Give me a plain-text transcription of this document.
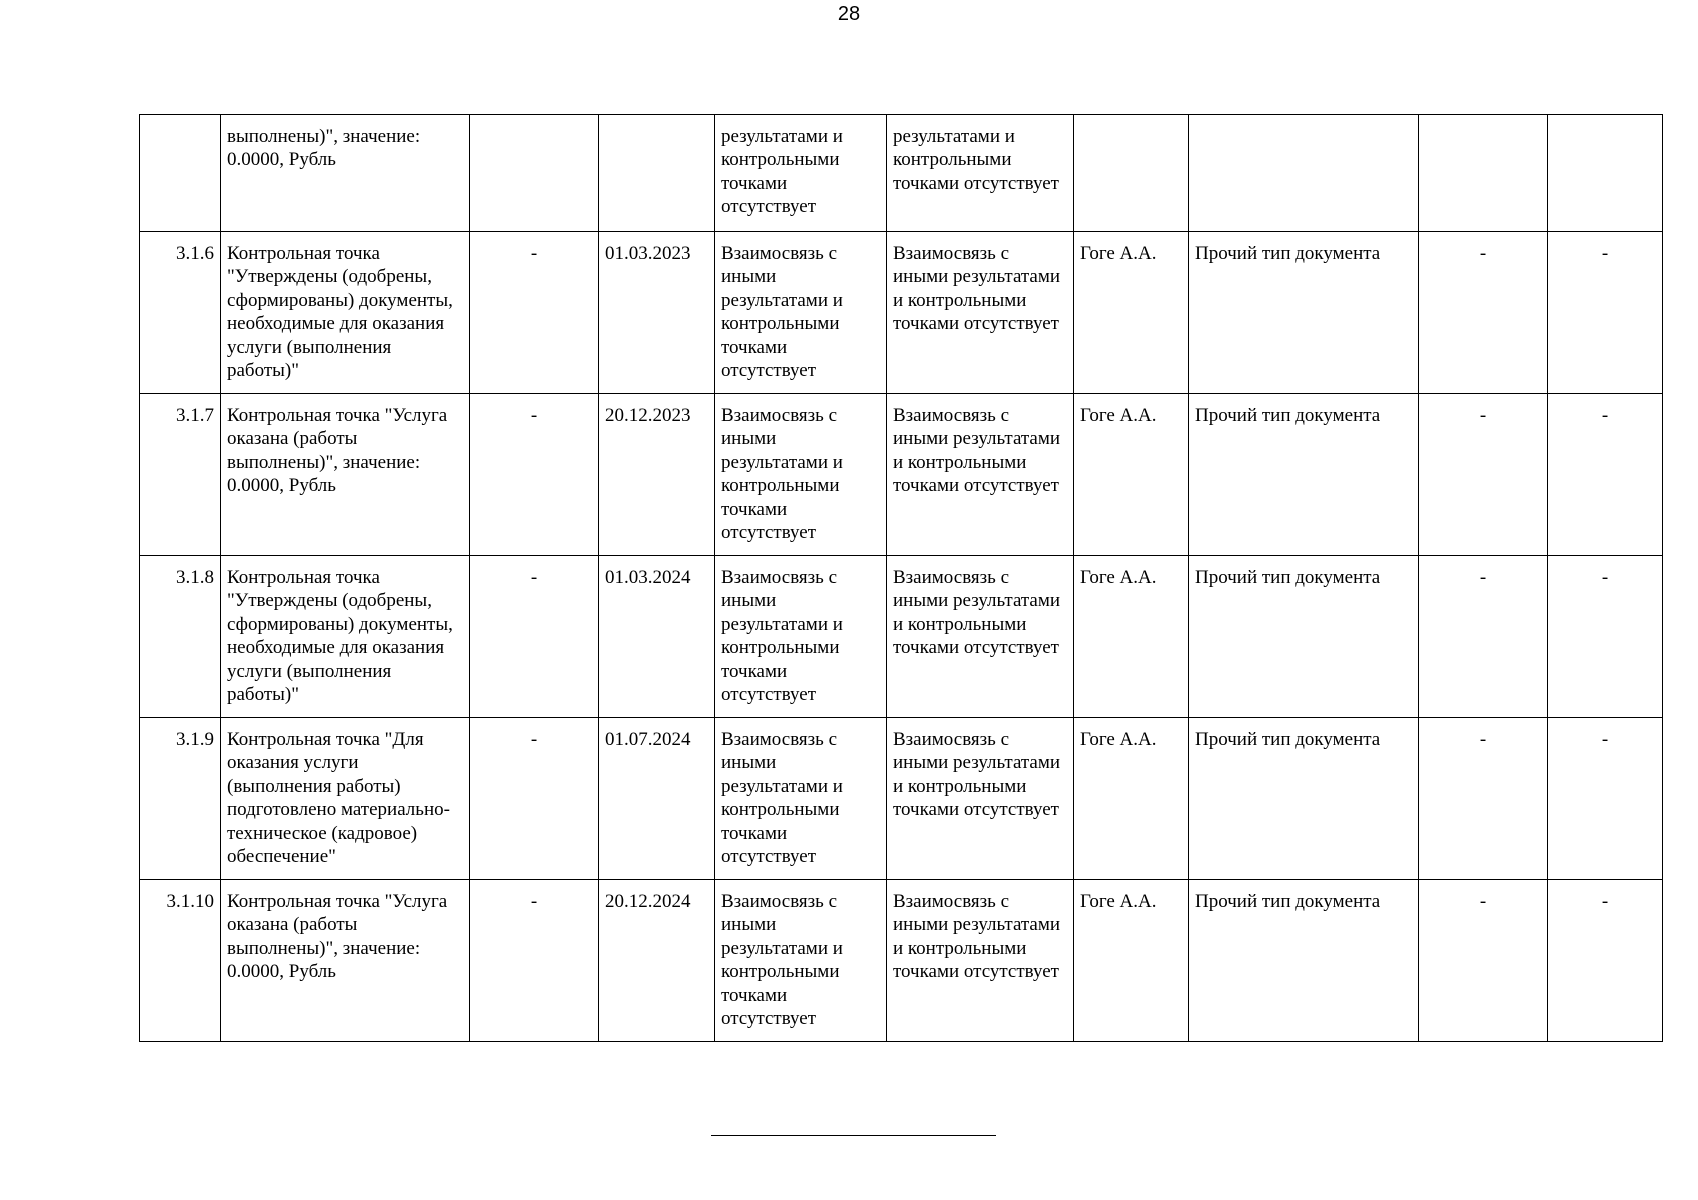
28
	выполнены)", значение: 0.0000, Рубль			результатами и контрольными точками отсутствует	результатами и контрольными точками отсутствует				
3.1.6	Контрольная точка "Утверждены (одобрены, сформированы) документы, необходимые для оказания услуги (выполнения работы)"	-	01.03.2023	Взаимосвязь с иными результатами и контрольными точками отсутствует	Взаимосвязь с иными результатами и контрольными точками отсутствует	Гоге А.А.	Прочий тип документа	-	-
3.1.7	Контрольная точка "Услуга оказана (работы выполнены)", значение: 0.0000, Рубль	-	20.12.2023	Взаимосвязь с иными результатами и контрольными точками отсутствует	Взаимосвязь с иными результатами и контрольными точками отсутствует	Гоге А.А.	Прочий тип документа	-	-
3.1.8	Контрольная точка "Утверждены (одобрены, сформированы) документы, необходимые для оказания услуги (выполнения работы)"	-	01.03.2024	Взаимосвязь с иными результатами и контрольными точками отсутствует	Взаимосвязь с иными результатами и контрольными точками отсутствует	Гоге А.А.	Прочий тип документа	-	-
3.1.9	Контрольная точка "Для оказания услуги (выполнения работы) подготовлено материально-техническое (кадровое) обеспечение"	-	01.07.2024	Взаимосвязь с иными результатами и контрольными точками отсутствует	Взаимосвязь с иными результатами и контрольными точками отсутствует	Гоге А.А.	Прочий тип документа	-	-
3.1.10	Контрольная точка "Услуга оказана (работы выполнены)", значение: 0.0000, Рубль	-	20.12.2024	Взаимосвязь с иными результатами и контрольными точками отсутствует	Взаимосвязь с иными результатами и контрольными точками отсутствует	Гоге А.А.	Прочий тип документа	-	-
